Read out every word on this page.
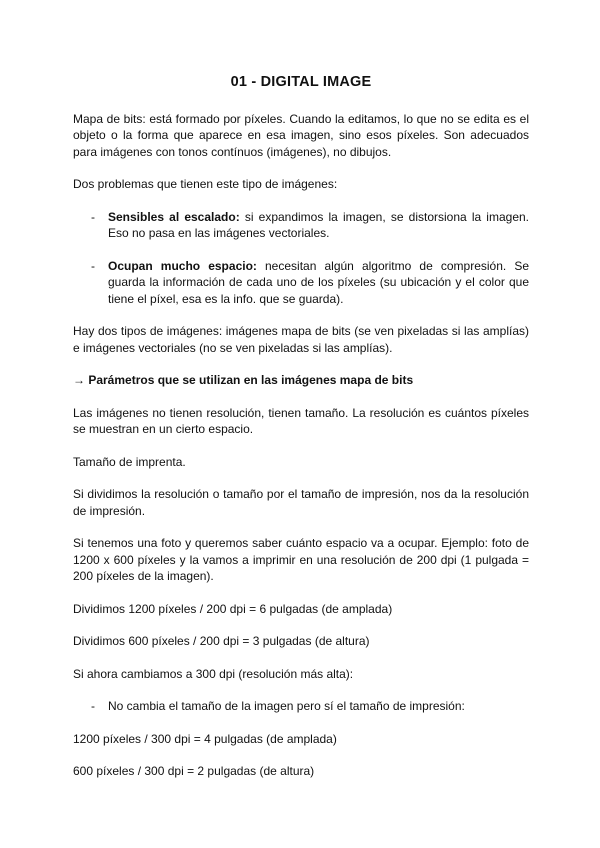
01 - DIGITAL IMAGE

Mapa de bits: está formado por píxeles. Cuando la editamos, lo que no se edita es el objeto o la forma que aparece en esa imagen, sino esos píxeles. Son adecuados para imágenes con tonos contínuos (imágenes), no dibujos.

Dos problemas que tienen este tipo de imágenes:

- Sensibles al escalado: si expandimos la imagen, se distorsiona la imagen. Eso no pasa en las imágenes vectoriales.
- Ocupan mucho espacio: necesitan algún algoritmo de compresión. Se guarda la información de cada uno de los píxeles (su ubicación y el color que tiene el píxel, esa es la info. que se guarda).

Hay dos tipos de imágenes: imágenes mapa de bits (se ven pixeladas si las amplías) e imágenes vectoriales (no se ven pixeladas si las amplías).

→ Parámetros que se utilizan en las imágenes mapa de bits

Las imágenes no tienen resolución, tienen tamaño. La resolución es cuántos píxeles se muestran en un cierto espacio.

Tamaño de imprenta.

Si dividimos la resolución o tamaño por el tamaño de impresión, nos da la resolución de impresión.

Si tenemos una foto y queremos saber cuánto espacio va a ocupar. Ejemplo: foto de 1200 x 600 píxeles y la vamos a imprimir en una resolución de 200 dpi (1 pulgada = 200 píxeles de la imagen).

Dividimos 1200 píxeles / 200 dpi = 6 pulgadas (de amplada)

Dividimos 600 píxeles / 200 dpi = 3 pulgadas (de altura)

Si ahora cambiamos a 300 dpi (resolución más alta):

- No cambia el tamaño de la imagen pero sí el tamaño de impresión:

1200 píxeles / 300 dpi = 4 pulgadas (de amplada)

600 píxeles / 300 dpi = 2 pulgadas (de altura)
